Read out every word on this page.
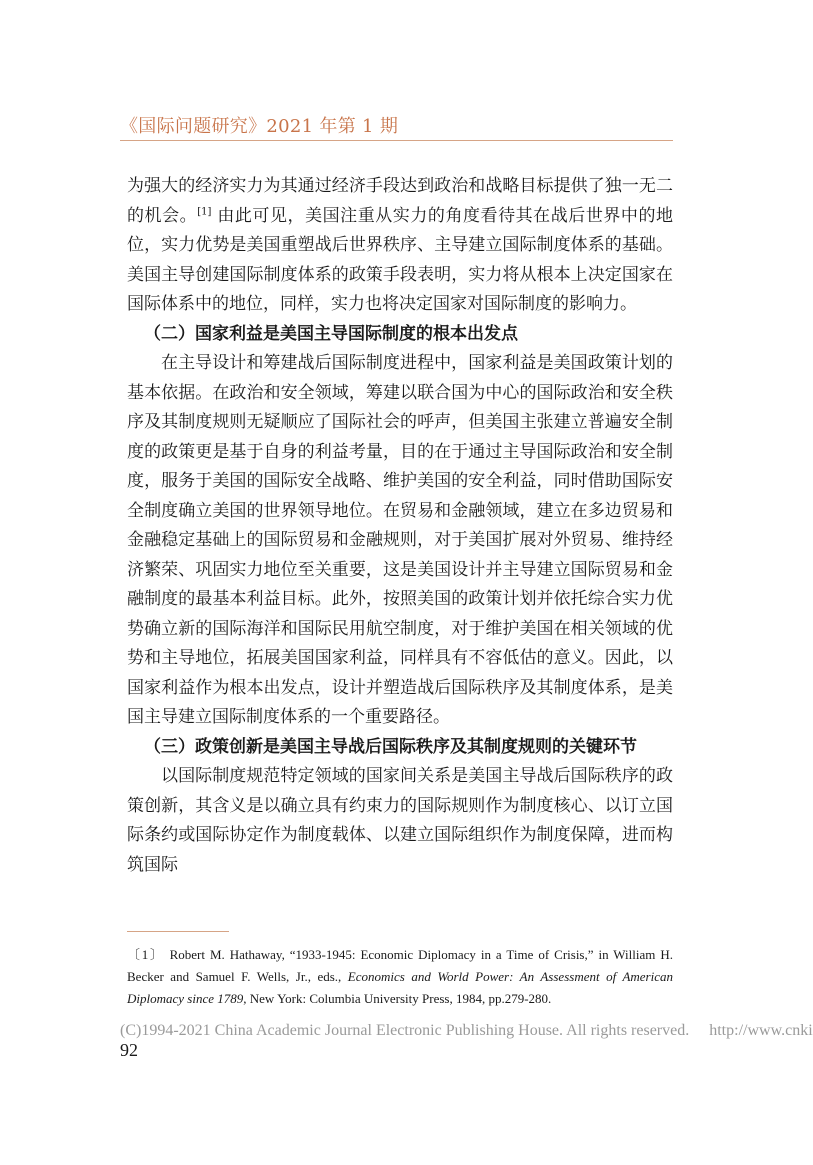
《国际问题研究》2021 年第 1 期

为强大的经济实力为其通过经济手段达到政治和战略目标提供了独一无二的机会。[1] 由此可见，美国注重从实力的角度看待其在战后世界中的地位，实力优势是美国重塑战后世界秩序、主导建立国际制度体系的基础。美国主导创建国际制度体系的政策手段表明，实力将从根本上决定国家在国际体系中的地位，同样，实力也将决定国家对国际制度的影响力。

（二）国家利益是美国主导国际制度的根本出发点

在主导设计和筹建战后国际制度进程中，国家利益是美国政策计划的基本依据。在政治和安全领域，筹建以联合国为中心的国际政治和安全秩序及其制度规则无疑顺应了国际社会的呼声，但美国主张建立普遍安全制度的政策更是基于自身的利益考量，目的在于通过主导国际政治和安全制度，服务于美国的国际安全战略、维护美国的安全利益，同时借助国际安全制度确立美国的世界领导地位。在贸易和金融领域，建立在多边贸易和金融稳定基础上的国际贸易和金融规则，对于美国扩展对外贸易、维持经济繁荣、巩固实力地位至关重要，这是美国设计并主导建立国际贸易和金融制度的最基本利益目标。此外，按照美国的政策计划并依托综合实力优势确立新的国际海洋和国际民用航空制度，对于维护美国在相关领域的优势和主导地位，拓展美国国家利益，同样具有不容低估的意义。因此，以国家利益作为根本出发点，设计并塑造战后国际秩序及其制度体系，是美国主导建立国际制度体系的一个重要路径。

（三）政策创新是美国主导战后国际秩序及其制度规则的关键环节

以国际制度规范特定领域的国家间关系是美国主导战后国际秩序的政策创新，其含义是以确立具有约束力的国际规则作为制度核心、以订立国际条约或国际协定作为制度载体、以建立国际组织作为制度保障，进而构筑国际

〔1〕 Robert M. Hathaway, “1933-1945: Economic Diplomacy in a Time of Crisis,” in William H. Becker and Samuel F. Wells, Jr., eds., Economics and World Power: An Assessment of American Diplomacy since 1789, New York: Columbia University Press, 1984, pp.279-280.
(C)1994-2021 China Academic Journal Electronic Publishing House. All rights reserved. http://www.cnki
92
